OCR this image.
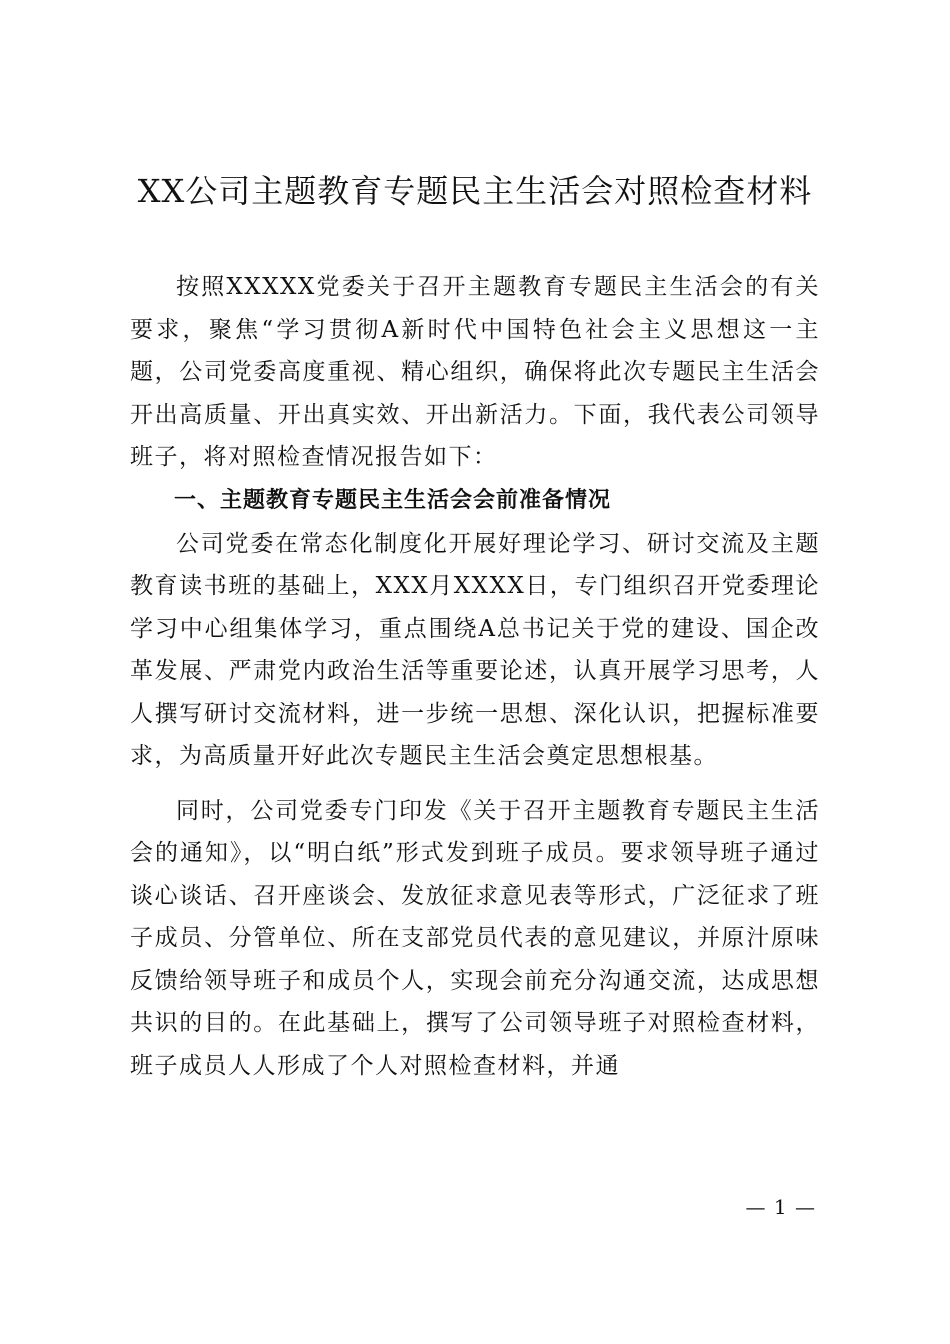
XX公司主题教育专题民主生活会对照检查材料

按照XXXXX党委关于召开主题教育专题民主生活会的有关要求，聚焦“学习贯彻A新时代中国特色社会主义思想这一主题，公司党委高度重视、精心组织，确保将此次专题民主生活会开出高质量、开出真实效、开出新活力。下面，我代表公司领导班子，将对照检查情况报告如下：

一、主题教育专题民主生活会会前准备情况

公司党委在常态化制度化开展好理论学习、研讨交流及主题教育读书班的基础上，XXX月XXXX日，专门组织召开党委理论学习中心组集体学习，重点围绕A总书记关于党的建设、国企改革发展、严肃党内政治生活等重要论述，认真开展学习思考，人人撰写研讨交流材料，进一步统一思想、深化认识，把握标准要求，为高质量开好此次专题民主生活会奠定思想根基。

同时，公司党委专门印发《关于召开主题教育专题民主生活会的通知》，以“明白纸”形式发到班子成员。要求领导班子通过谈心谈话、召开座谈会、发放征求意见表等形式，广泛征求了班子成员、分管单位、所在支部党员代表的意见建议，并原汁原味反馈给领导班子和成员个人，实现会前充分沟通交流，达成思想共识的目的。在此基础上，撰写了公司领导班子对照检查材料，班子成员人人形成了个人对照检查材料，并通

— 1 —
